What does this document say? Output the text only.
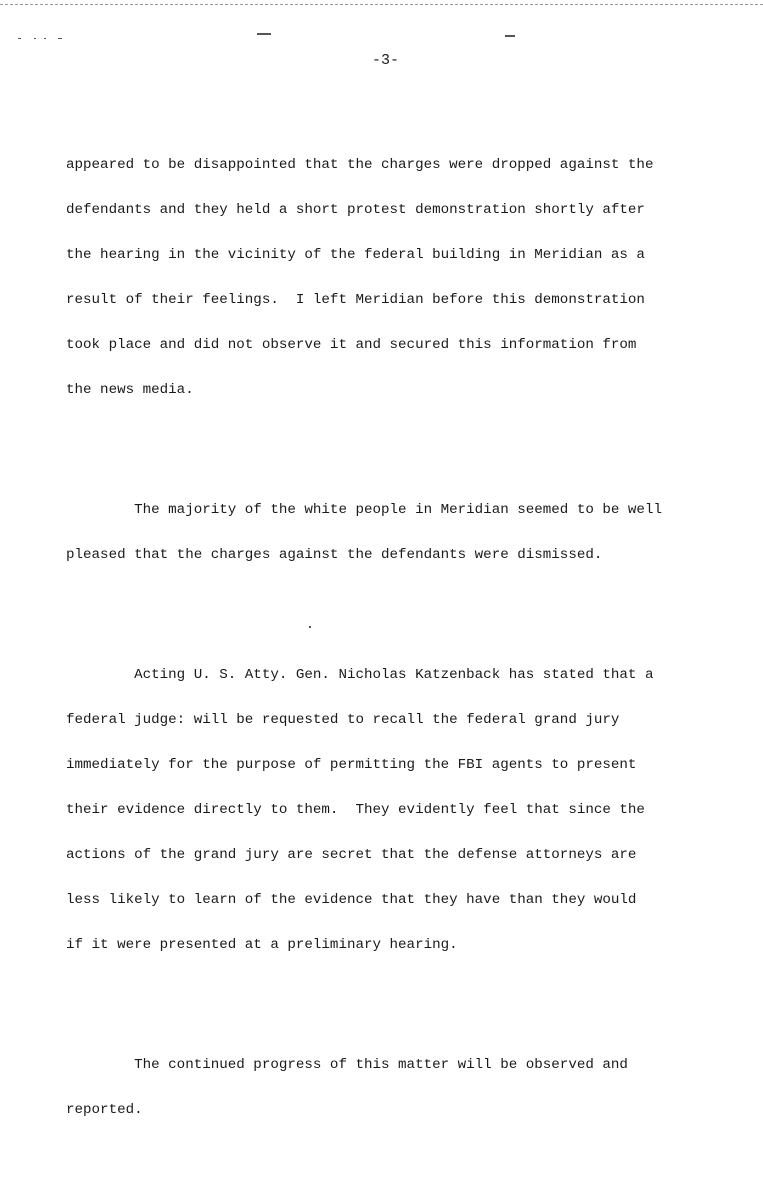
-3-

appeared to be disappointed that the charges were dropped against the

defendants and they held a short protest demonstration shortly after

the hearing in the vicinity of the federal building in Meridian as a

result of their feelings.  I left Meridian before this demonstration

took place and did not observe it and secured this information from

the news media.

The majority of the white people in Meridian seemed to be well

pleased that the charges against the defendants were dismissed.

Acting U. S. Atty. Gen. Nicholas Katzenback has stated that a

federal judge: will be requested to recall the federal grand jury

immediately for the purpose of permitting the FBI agents to present

their evidence directly to them.  They evidently feel that since the

actions of the grand jury are secret that the defense attorneys are

less likely to learn of the evidence that they have than they would

if it were presented at a preliminary hearing.

The continued progress of this matter will be observed and

reported.
